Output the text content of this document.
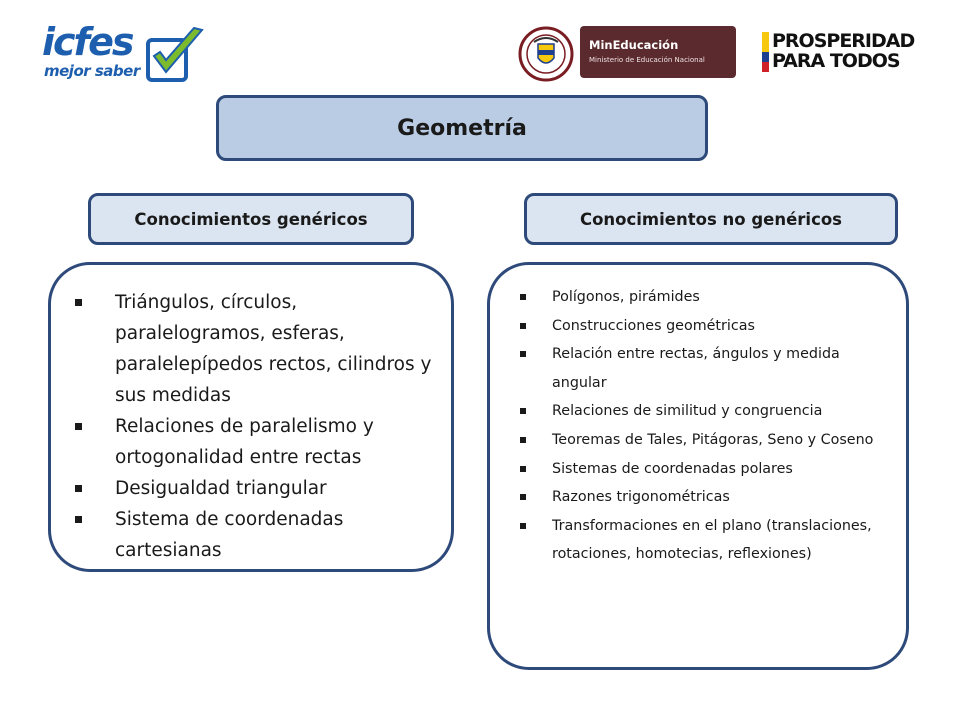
icfes
mejor saber
MinEducación
Ministerio de Educación Nacional
PROSPERIDAD
PARA TODOS
Geometría
Conocimientos genéricos	Conocimientos no genéricos
Triángulos, círculos, paralelogramos, esferas, paralelepípedos rectos, cilindros y sus medidas
Relaciones de paralelismo y ortogonalidad entre rectas
Desigualdad triangular
Sistema de coordenadas cartesianas
Polígonos, pirámides
Construcciones geométricas
Relación entre rectas, ángulos y medida angular
Relaciones de similitud y congruencia
Teoremas de Tales, Pitágoras, Seno y Coseno
Sistemas de coordenadas polares
Razones trigonométricas
Transformaciones en el plano (translaciones, rotaciones, homotecias, reflexiones)
